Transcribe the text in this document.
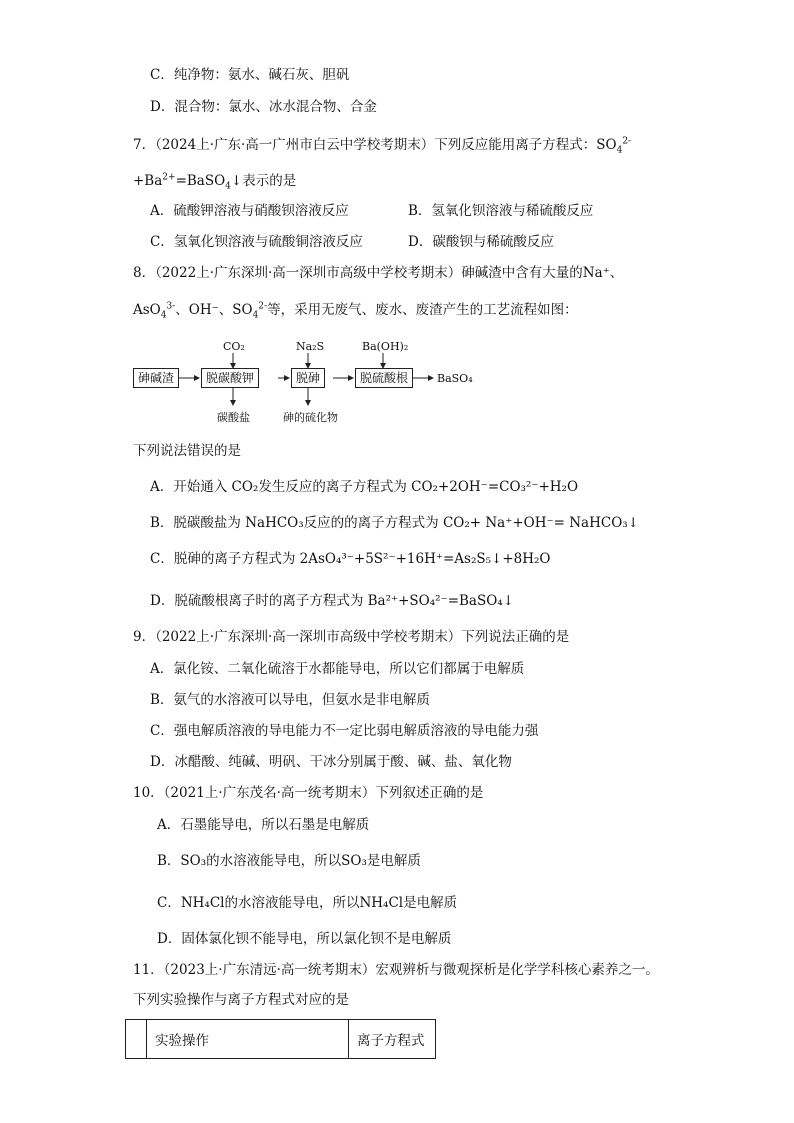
C．纯净物：氨水、碱石灰、胆矾
D．混合物：氯水、冰水混合物、合金
7．（2024上·广东·高一广州市白云中学校考期末）下列反应能用离子方程式：$SO_4^{2-}$
$+Ba^{2+}=BaSO_4↓$表示的是
A．硫酸钾溶液与硝酸钡溶液反应	B．氢氧化钡溶液与稀硫酸反应
C．氢氧化钡溶液与硫酸铜溶液反应	D．碳酸钡与稀硫酸反应
8．（2022上·广东深圳·高一深圳市高级中学校考期末）砷碱渣中含有大量的Na⁺、
AsO$_4^{3-}$、OH⁻、$SO_4^{2-}$等，采用无废气、废水、废渣产生的工艺流程如图：
砷碱渣	脱碳酸钾	脱砷	脱硫酸根	BaSO₄
CO₂	Na₂S	Ba(OH)₂
碳酸盐	砷的硫化物
下列说法错误的是
A．开始通入 CO₂发生反应的离子方程式为 CO₂+2OH⁻=CO₃²⁻+H₂O
B．脱碳酸盐为 NaHCO₃反应的的离子方程式为 CO₂+ Na⁺+OH⁻= NaHCO₃↓
C．脱砷的离子方程式为 2AsO₄³⁻+5S²⁻+16H⁺=As₂S₅↓+8H₂O
D．脱硫酸根离子时的离子方程式为 Ba²⁺+SO₄²⁻=BaSO₄↓
9．（2022上·广东深圳·高一深圳市高级中学校考期末）下列说法正确的是
A．氯化铵、二氧化硫溶于水都能导电，所以它们都属于电解质
B．氨气的水溶液可以导电，但氨水是非电解质
C．强电解质溶液的导电能力不一定比弱电解质溶液的导电能力强
D．冰醋酸、纯碱、明矾、干冰分别属于酸、碱、盐、氧化物
10．（2021上·广东茂名·高一统考期末）下列叙述正确的是
A．石墨能导电，所以石墨是电解质
B．SO₃的水溶液能导电，所以SO₃是电解质
C．NH₄Cl的水溶液能导电，所以NH₄Cl是电解质
D．固体氯化钡不能导电，所以氯化钡不是电解质
11．（2023上·广东清远·高一统考期末）宏观辨析与微观探析是化学学科核心素养之一。
下列实验操作与离子方程式对应的是
	实验操作	离子方程式
